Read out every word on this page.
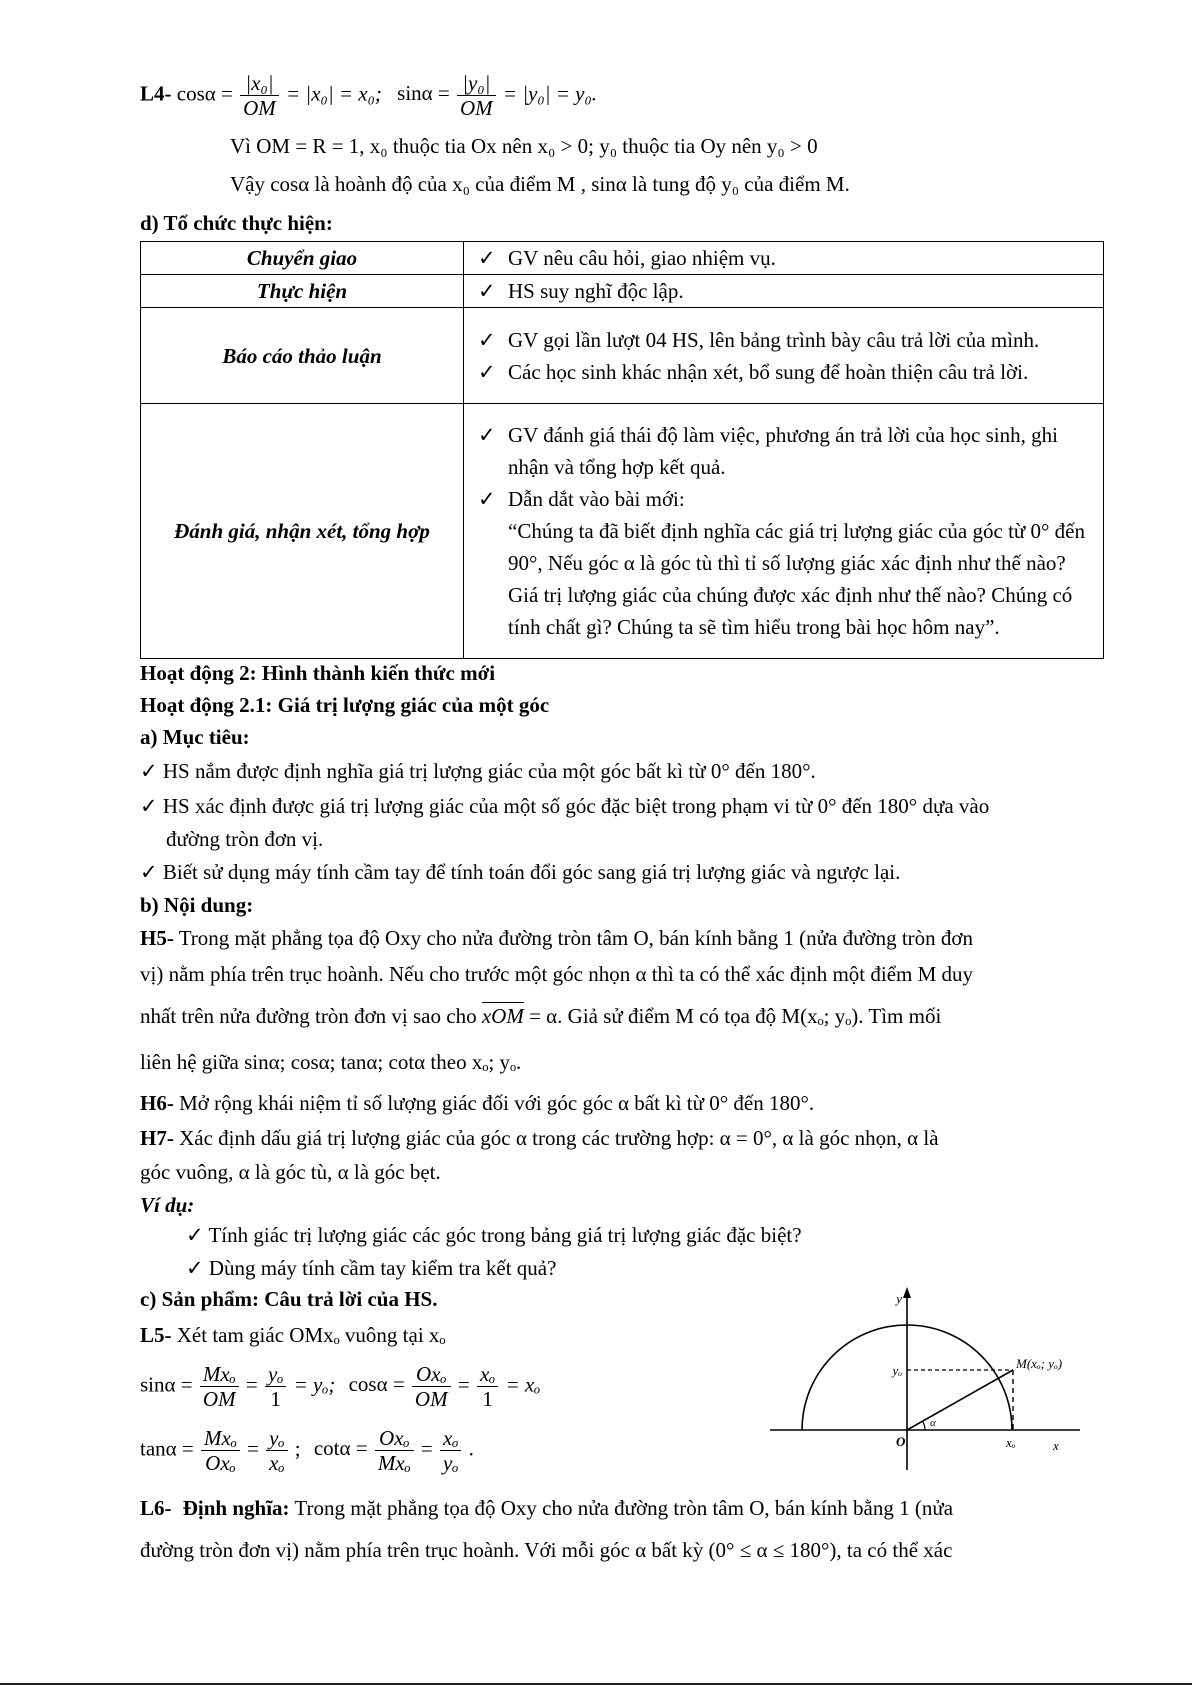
L4- $\cos\alpha = \frac{\text{|x₀|}}{OM} = |x_0| = x_0$; $\sin\alpha = \frac{\text{|y₀|}}{OM} = |y_0| = y_0$.
Vì OM = R = 1, x₀ thuộc tia Ox nên x₀ > 0; y₀ thuộc tia Oy nên y₀ > 0
Vậy cosα là hoành độ của x₀ của điểm M , sinα là tung độ y₀ của điểm M.
d) Tổ chức thực hiện:
Chuyển giao	✓ GV nêu câu hỏi, giao nhiệm vụ.

Thực hiện	✓ HS suy nghĩ độc lập.

Báo cáo thảo luận	✓ GV gọi lần lượt 04 HS, lên bảng trình bày câu trả lời của mình.
✓ Các học sinh khác nhận xét, bổ sung để hoàn thiện câu trả lời.

Đánh giá, nhận xét, tổng hợp	✓ GV đánh giá thái độ làm việc, phương án trả lời của học sinh, ghi nhận và tổng hợp kết quả.
✓ Dẫn dắt vào bài mới:
“Chúng ta đã biết định nghĩa các giá trị lượng giác của góc từ 0° đến 90°, Nếu góc α là góc tù thì tỉ số lượng giác xác định như thế nào? Giá trị lượng giác của chúng được xác định như thế nào? Chúng có tính chất gì? Chúng ta sẽ tìm hiểu trong bài học hôm nay”.
Hoạt động 2: Hình thành kiến thức mới
Hoạt động 2.1: Giá trị lượng giác của một góc
a) Mục tiêu:
✓ HS nắm được định nghĩa giá trị lượng giác của một góc bất kì từ 0° đến 180°.
✓ HS xác định được giá trị lượng giác của một số góc đặc biệt trong phạm vi từ 0° đến 180° dựa vào
đường tròn đơn vị.
✓ Biết sử dụng máy tính cầm tay để tính toán đổi góc sang giá trị lượng giác và ngược lại.
b) Nội dung:
H5- Trong mặt phẳng tọa độ Oxy cho nửa đường tròn tâm O, bán kính bằng 1 (nửa đường tròn đơn
vị) nằm phía trên trục hoành. Nếu cho trước một góc nhọn α thì ta có thể xác định một điểm M duy
nhất trên nửa đường tròn đơn vị sao cho xOM = α. Giả sử điểm M có tọa độ M(xₒ; yₒ). Tìm mối
liên hệ giữa sinα; cosα; tanα; cotα theo xₒ; yₒ.
H6- Mở rộng khái niệm tỉ số lượng giác đối với góc góc α bất kì từ 0° đến 180°.
H7- Xác định dấu giá trị lượng giác của góc α trong các trường hợp: α = 0°, α là góc nhọn, α là
góc vuông, α là góc tù, α là góc bẹt.
Ví dụ:
✓ Tính giác trị lượng giác các góc trong bảng giá trị lượng giác đặc biệt?
✓ Dùng máy tính cầm tay kiểm tra kết quả?
c) Sản phẩm: Câu trả lời của HS.
L5- Xét tam giác OMxₒ vuông tại xₒ
$\sin\alpha = \frac{\text{Mxₒ}}{OM} = \frac{\text{yₒ}}{1} = y_o$; $\cos\alpha = \frac{\text{Oxₒ}}{OM} = \frac{\text{xₒ}}{1} = x_o$
$\tan\alpha = \frac{\text{Mxₒ}}{\text{Oxₒ}} = \frac{\text{yₒ}}{\text{xₒ}}$ ; $\cot\alpha = \frac{\text{Oxₒ}}{\text{Mxₒ}} = \frac{\text{xₒ}}{\text{yₒ}}$ .
y
x
O
yₒ
xₒ
M(xₒ; yₒ)
α
L6- Định nghĩa: Trong mặt phẳng tọa độ Oxy cho nửa đường tròn tâm O, bán kính bằng 1 (nửa
đường tròn đơn vị) nằm phía trên trục hoành. Với mỗi góc α bất kỳ (0° ≤ α ≤ 180°), ta có thể xác
